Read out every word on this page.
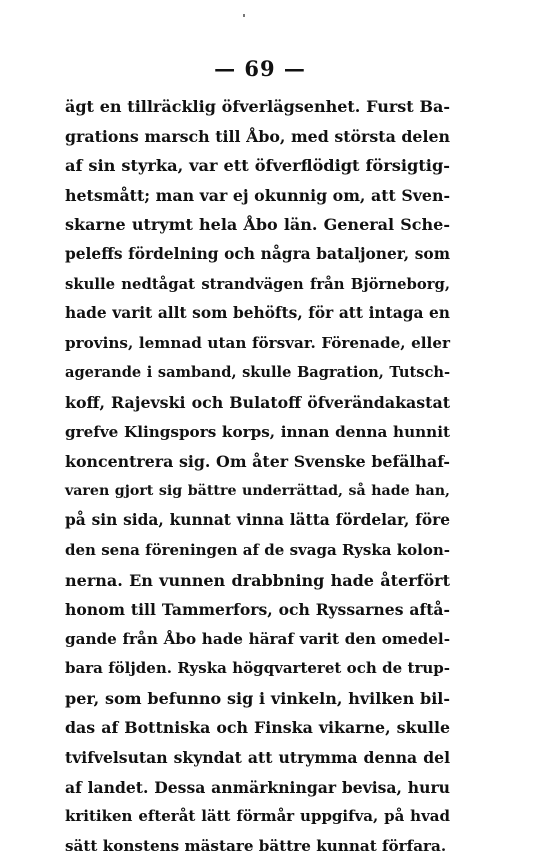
— 69 —
ägt en tillräcklig öfverlägsenhet. Furst Ba-
grations marsch till Åbo, med största delen
af sin styrka, var ett öfverflödigt försigtig-
hetsmått; man var ej okunnig om, att Sven-
skarne utrymt hela Åbo län. General Sche-
peleffs fördelning och några bataljoner, som
skulle nedtågat strandvägen från Björneborg,
hade varit allt som behöfts, för att intaga en
provins, lemnad utan försvar. Förenade, eller
agerande i samband, skulle Bagration, Tutsch-
koff, Rajevski och Bulatoff öfverändakastat
grefve Klingspors korps, innan denna hunnit
koncentrera sig. Om åter Svenske befälhaf-
varen gjort sig bättre underrättad, så hade han,
på sin sida, kunnat vinna lätta fördelar, före
den sena föreningen af de svaga Ryska kolon-
nerna. En vunnen drabbning hade återfört
honom till Tammerfors, och Ryssarnes aftå-
gande från Åbo hade häraf varit den omedel-
bara följden. Ryska högqvarteret och de trup-
per, som befunno sig i vinkeln, hvilken bil-
das af Bottniska och Finska vikarne, skulle
tvifvelsutan skyndat att utrymma denna del
af landet. Dessa anmärkningar bevisa, huru
kritiken efteråt lätt förmår uppgifva, på hvad
sätt konstens mästare bättre kunnat förfara.
